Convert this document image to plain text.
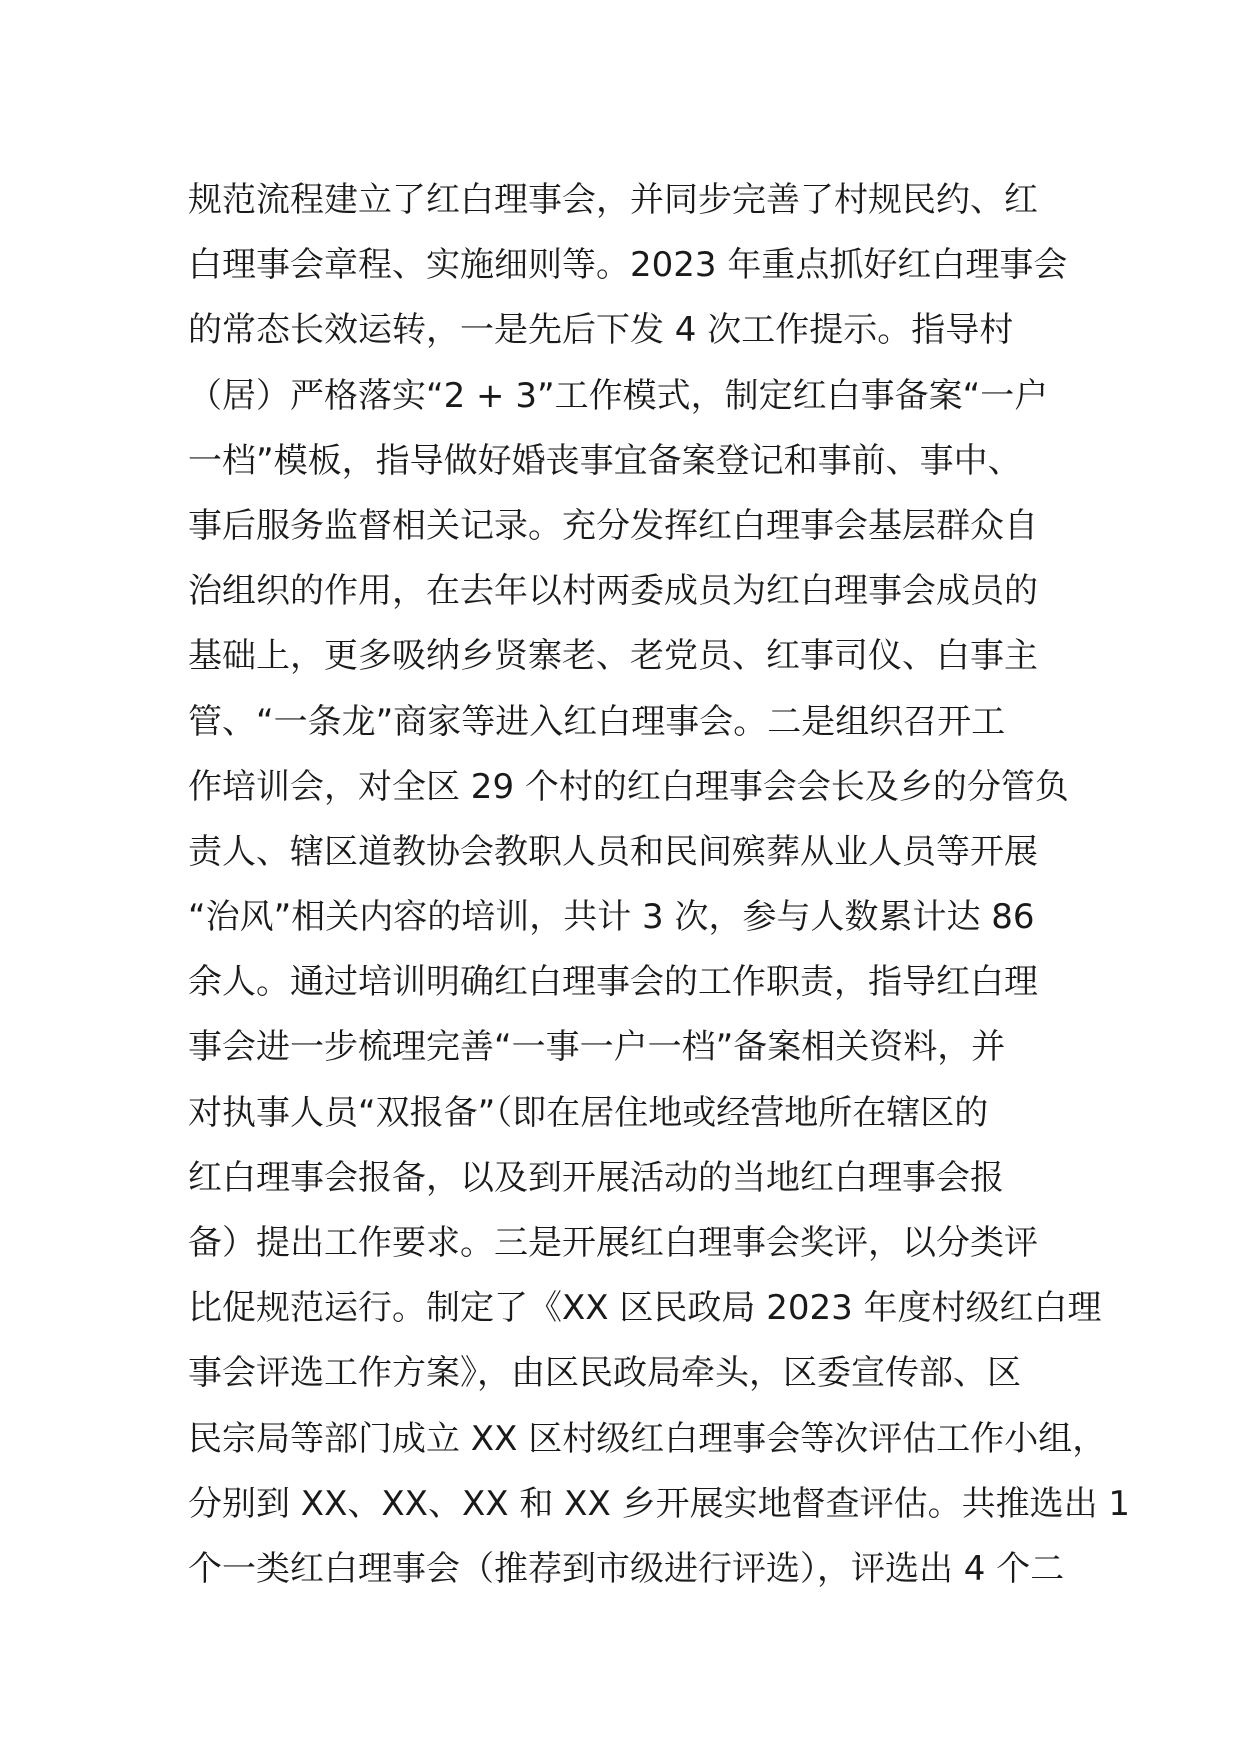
规范流程建立了红白理事会，并同步完善了村规民约、红
白理事会章程、实施细则等。2023 年重点抓好红白理事会
的常态长效运转，一是先后下发 4 次工作提示。指导村
（居）严格落实“2 + 3”工作模式，制定红白事备案“一户
一档”模板，指导做好婚丧事宜备案登记和事前、事中、
事后服务监督相关记录。充分发挥红白理事会基层群众自
治组织的作用，在去年以村两委成员为红白理事会成员的
基础上，更多吸纳乡贤寨老、老党员、红事司仪、白事主
管、“一条龙”商家等进入红白理事会。二是组织召开工
作培训会，对全区 29 个村的红白理事会会长及乡的分管负
责人、辖区道教协会教职人员和民间殡葬从业人员等开展
“治风”相关内容的培训，共计 3 次，参与人数累计达 86
余人。通过培训明确红白理事会的工作职责，指导红白理
事会进一步梳理完善“一事一户一档”备案相关资料，并
对执事人员“双报备”（即在居住地或经营地所在辖区的
红白理事会报备，以及到开展活动的当地红白理事会报
备）提出工作要求。三是开展红白理事会奖评，以分类评
比促规范运行。制定了《XX 区民政局 2023 年度村级红白理
事会评选工作方案》，由区民政局牵头，区委宣传部、区
民宗局等部门成立 XX 区村级红白理事会等次评估工作小组，
分别到 XX、XX、XX 和 XX 乡开展实地督查评估。共推选出 1
个一类红白理事会（推荐到市级进行评选），评选出 4 个二
